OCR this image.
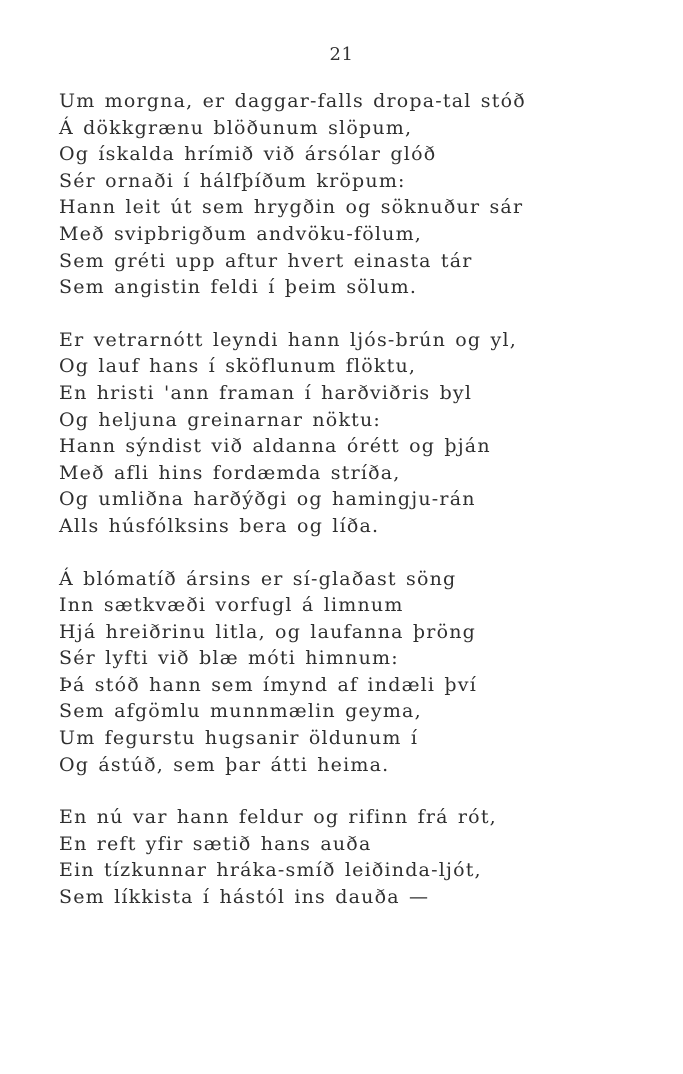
21
Um morgna, er daggar-falls dropa-tal stóð
Á dökkgrænu blöðunum slöpum,
Og ískalda hrímið við ársólar glóð
Sér ornaði í hálfþíðum kröpum:
Hann leit út sem hrygðin og söknuður sár
Með svipbrigðum andvöku-fölum,
Sem gréti upp aftur hvert einasta tár
Sem angistin feldi í þeim sölum.
Er vetrarnótt leyndi hann ljós-brún og yl,
Og lauf hans í sköflunum flöktu,
En hristi 'ann framan í harðviðris byl
Og heljuna greinarnar nöktu:
Hann sýndist við aldanna órétt og þján
Með afli hins fordæmda stríða,
Og umliðna harðýðgi og hamingju-rán
Alls húsfólksins bera og líða.
Á blómatíð ársins er sí-glaðast söng
Inn sætkvæði vorfugl á limnum
Hjá hreiðrinu litla, og laufanna þröng
Sér lyfti við blæ móti himnum:
Þá stóð hann sem ímynd af indæli því
Sem afgömlu munnmælin geyma,
Um fegurstu hugsanir öldunum í
Og ástúð, sem þar átti heima.
En nú var hann feldur og rifinn frá rót,
En reft yfir sætið hans auða
Ein tízkunnar hráka-smíð leiðinda-ljót,
Sem líkkista í hástól ins dauða —
